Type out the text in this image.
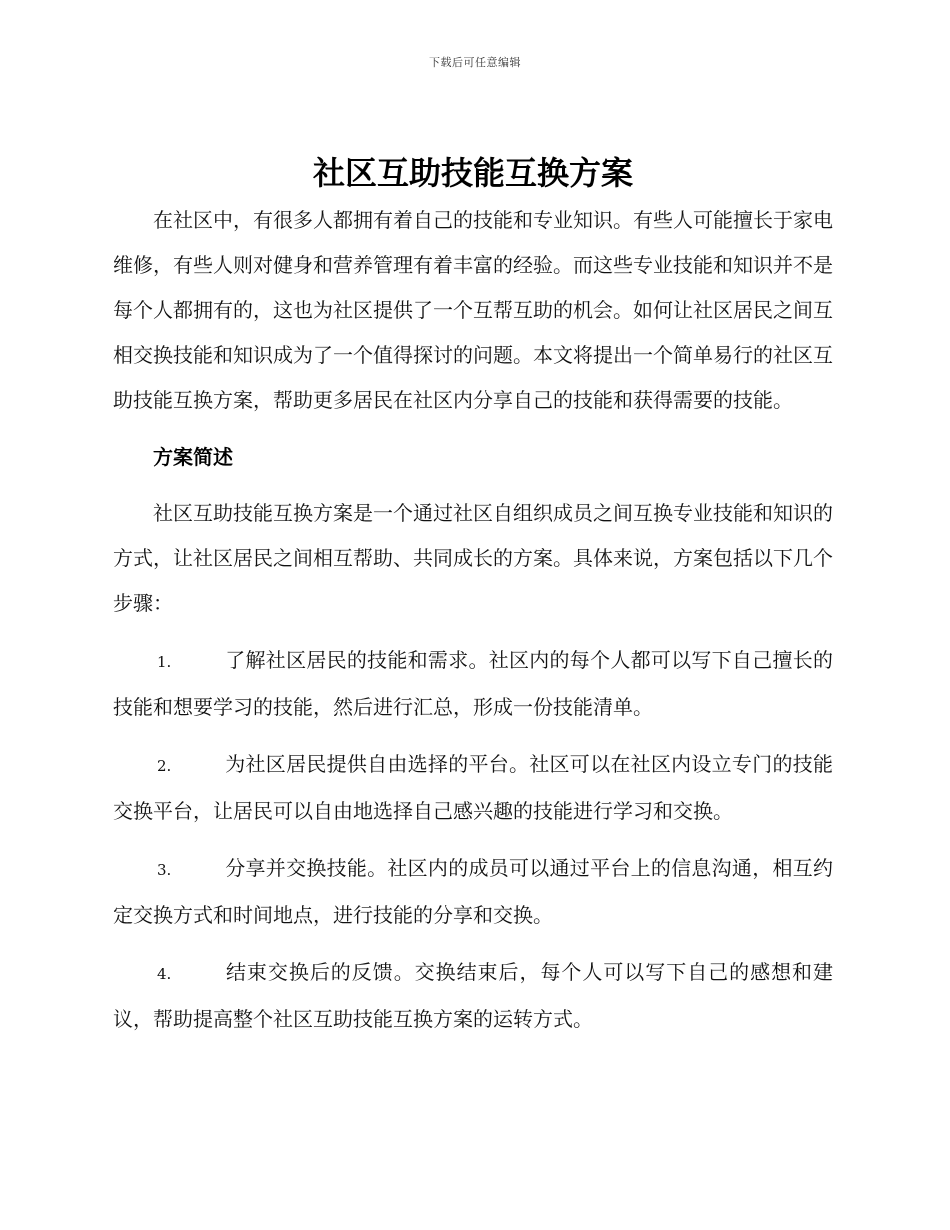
下载后可任意编辑
社区互助技能互换方案

在社区中，有很多人都拥有着自己的技能和专业知识。有些人可能擅长于家电维修，有些人则对健身和营养管理有着丰富的经验。而这些专业技能和知识并不是每个人都拥有的，这也为社区提供了一个互帮互助的机会。如何让社区居民之间互相交换技能和知识成为了一个值得探讨的问题。本文将提出一个简单易行的社区互助技能互换方案，帮助更多居民在社区内分享自己的技能和获得需要的技能。

方案简述

社区互助技能互换方案是一个通过社区自组织成员之间互换专业技能和知识的方式，让社区居民之间相互帮助、共同成长的方案。具体来说，方案包括以下几个步骤：

1.	了解社区居民的技能和需求。社区内的每个人都可以写下自己擅长的技能和想要学习的技能，然后进行汇总，形成一份技能清单。
2.	为社区居民提供自由选择的平台。社区可以在社区内设立专门的技能交换平台，让居民可以自由地选择自己感兴趣的技能进行学习和交换。
3.	分享并交换技能。社区内的成员可以通过平台上的信息沟通，相互约定交换方式和时间地点，进行技能的分享和交换。
4.	结束交换后的反馈。交换结束后，每个人可以写下自己的感想和建议，帮助提高整个社区互助技能互换方案的运转方式。
